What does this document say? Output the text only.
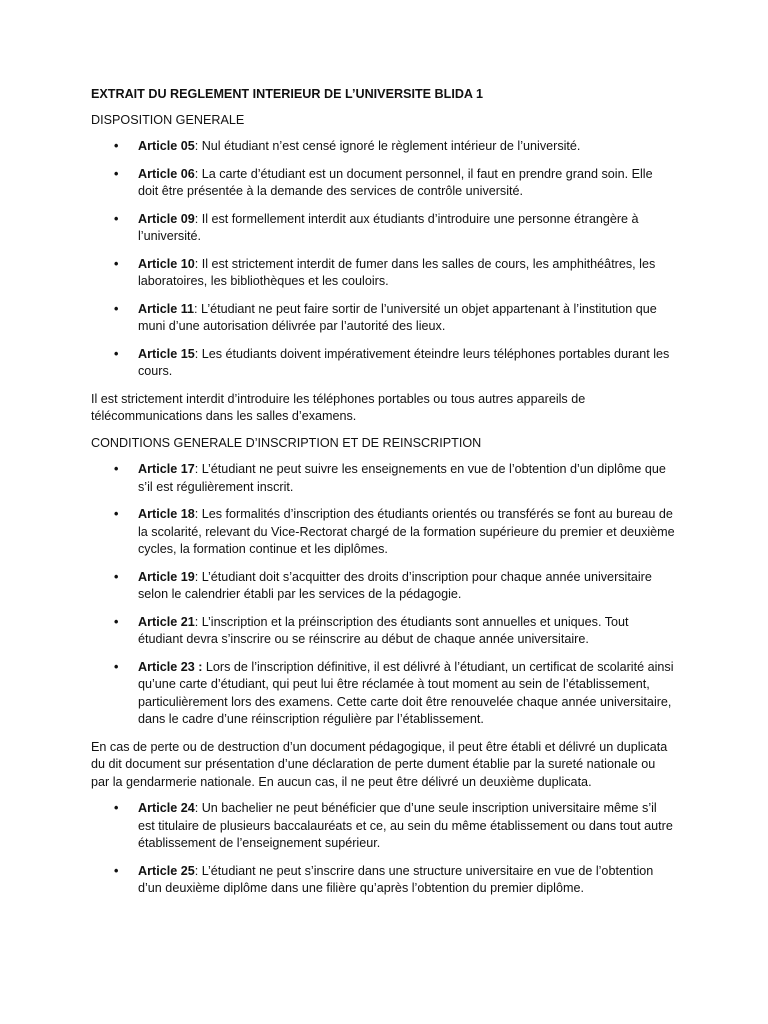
EXTRAIT DU REGLEMENT INTERIEUR DE L’UNIVERSITE BLIDA 1
DISPOSITION GENERALE
• Article 05: Nul étudiant n’est censé ignoré le règlement intérieur de l’université.
• Article 06: La carte d’étudiant est un document personnel, il faut en prendre grand soin. Elle doit être présentée à la demande des services de contrôle université.
• Article 09: Il est formellement interdit aux étudiants d’introduire une personne étrangère à l’université.
• Article 10: Il est strictement interdit de fumer dans les salles de cours, les amphithéâtres, les laboratoires, les bibliothèques et les couloirs.
• Article 11: L’étudiant ne peut faire sortir de l’université un objet appartenant à l’institution que muni d’une autorisation délivrée par l’autorité des lieux.
• Article 15: Les étudiants doivent impérativement éteindre leurs téléphones portables durant les cours.
Il est strictement interdit d’introduire les téléphones portables ou tous autres appareils de télécommunications dans les salles d’examens.
CONDITIONS GENERALE D’INSCRIPTION ET DE REINSCRIPTION
• Article 17: L’étudiant ne peut suivre les enseignements en vue de l’obtention d’un diplôme que s’il est régulièrement inscrit.
• Article 18: Les formalités d’inscription des étudiants orientés ou transférés se font au bureau de la scolarité, relevant du Vice-Rectorat chargé de la formation supérieure du premier et deuxième cycles, la formation continue et les diplômes.
• Article 19: L’étudiant doit s’acquitter des droits d’inscription pour chaque année universitaire selon le calendrier établi par les services de la pédagogie.
• Article 21: L’inscription et la préinscription des étudiants sont annuelles et uniques. Tout étudiant devra s’inscrire ou se réinscrire au début de chaque année universitaire.
• Article 23 : Lors de l’inscription définitive, il est délivré à l’étudiant, un certificat de scolarité ainsi qu’une carte d’étudiant, qui peut lui être réclamée à tout moment au sein de l’établissement, particulièrement lors des examens. Cette carte doit être renouvelée chaque année universitaire, dans le cadre d’une réinscription régulière par l’établissement.
En cas de perte ou de destruction d’un document pédagogique, il peut être établi et délivré un duplicata du dit document sur présentation d’une déclaration de perte dument établie par la sureté nationale ou par la gendarmerie nationale. En aucun cas, il ne peut être délivré un deuxième duplicata.
• Article 24: Un bachelier ne peut bénéficier que d’une seule inscription universitaire même s’il est titulaire de plusieurs baccalauréats et ce, au sein du même établissement ou dans tout autre établissement de l’enseignement supérieur.
• Article 25: L’étudiant ne peut s’inscrire dans une structure universitaire en vue de l’obtention d’un deuxième diplôme dans une filière qu’après l’obtention du premier diplôme.
